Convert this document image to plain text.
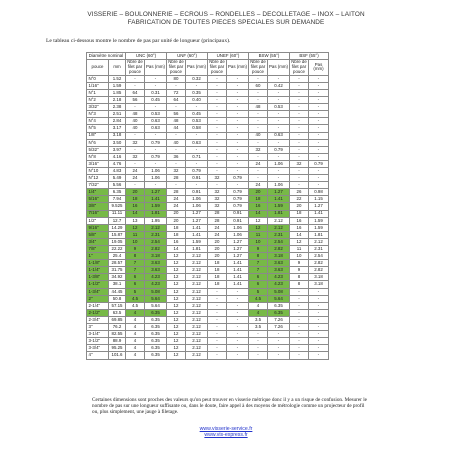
VISSERIE – BOULONNERIE – ECROUS – RONDELLES – DECOLLETAGE – INOX – LAITON
FABRICATION DE TOUTES PIECES SPECIALES SUR DEMANDE
Le tableau ci-dessous montre le nombre de pas par unité de longueur (principaux).
Diamètre nominal		UNC (60°)		UNF (60°)		UNEF (60°)		BSW (55°)		BSF (55°)	
pouce	mm	Nbre de filet par pouce	Pas (mm)	Nbre de filet par pouce	Pas (mm)	Nbre de filet par pouce	Pas (mm)	Nbre de filet par pouce	Pas (mm)	Nbre de filet par pouce	Pas (mm)
N°0	1.52	-	-	80	0.32	-	-	-	-	-	-
1/16"	1.59	-	-	-	-	-	-	60	0.42	-	-
N°1	1.85	64	0.31	72	0.35	-	-	-	-	-	-
N°2	2.18	56	0.45	64	0.40	-	-	-	-	-	-
3/32"	2.38	-	-	-	-	-	-	48	0.53	-	-
N°3	2.51	48	0.53	56	0.45	-	-	-	-	-	-
N°4	2.84	40	0.63	48	0.53	-	-	-	-	-	-
N°5	3.17	40	0.63	44	0.58	-	-	-	-	-	-
1/8"	3.18	-	-	-	-	-	-	40	0.63	-	-
N°6	3.50	32	0.79	40	0.63	-	-	-	-	-	-
5/32"	3.97	-	-	-	-	-	-	32	0.79	-	-
N°8	4.16	32	0.79	36	0.71	-	-	-	-	-	-
3/16"	4.76	-	-	-	-	-	-	24	1.06	32	0.79
N°10	4.83	24	1.06	32	0.79	-	-	-	-	-	-
N°12	5.49	24	1.06	28	0.91	32	0.79	-	-	-	-
7/32"	5.56	-	-	-	-	-	-	24	1.06	-	-
1/4"	6.35	20	1.27	28	0.91	32	0.79	20	1.27	26	0.98
5/16"	7.94	18	1.41	24	1.06	32	0.79	18	1.41	22	1.15
3/8"	9.525	16	1.59	24	1.06	32	0.79	16	1.59	20	1.27
7/16"	11.11	14	1.81	20	1.27	28	0.91	14	1.81	18	1.41
1/2"	12.7	13	1.95	20	1.27	28	0.91	12	2.12	16	1.59
9/16"	14.29	12	2.12	18	1.41	24	1.06	12	2.12	16	1.59
5/8"	15.87	11	2.31	18	1.41	24	1.06	11	2.31	14	1.81
3/4"	19.05	10	2.54	16	1.59	20	1.27	10	2.54	12	2.12
7/8"	22.22	9	2.82	14	1.81	20	1.27	9	2.82	11	2.31
1"	25.4	8	3.18	12	2.12	20	1.27	8	3.18	10	2.54
1-1/8"	28.57	7	3.63	12	2.12	18	1.41	7	3.63	9	2.82
1-1/4"	31.75	7	3.63	12	2.12	18	1.41	7	3.63	9	2.82
1-3/8"	34.92	6	4.23	12	2.12	18	1.41	6	4.23	8	3.18
1-1/2"	38.1	6	4.23	12	2.12	18	1.41	6	4.23	8	3.18
1-3/4"	44.45	5	5.08	12	2.12	-	-	5	5.08	-	-
2"	50.8	4.5	5.64	12	2.12	-	-	4.5	5.64	-	-
2-1/4"	57.15	4.5	5.64	12	2.12	-	-	4	6.35	-	-
2-1/2"	63.5	4	6.35	12	2.12	-	-	4	6.35	-	-
2-3/4"	69.85	4	6.35	12	2.12	-	-	3.5	7.26	-	-
3"	76.2	4	6.35	12	2.12	-	-	3.5	7.26	-	-
3-1/4"	82.55	4	6.35	12	2.12	-	-	-	-	-	-
3-1/2"	88.9	4	6.35	12	2.12	-	-	-	-	-	-
3-3/4"	95.25	4	6.35	12	2.12	-	-	-	-	-	-
4"	101.6	4	6.35	12	2.12	-	-	-	-	-	-
Certaines dimensions sont proches des valeurs qu'on peut trouver en visserie métrique donc il y a un risque de confusion. Mesurer le nombre de pas sur une longueur suffisante ou, dans le doute, faire appel à des moyens de métrologie comme un projecteur de profil ou, plus simplement, une jauge à filetage.
www.visserie-service.fr
www.vis-express.fr
